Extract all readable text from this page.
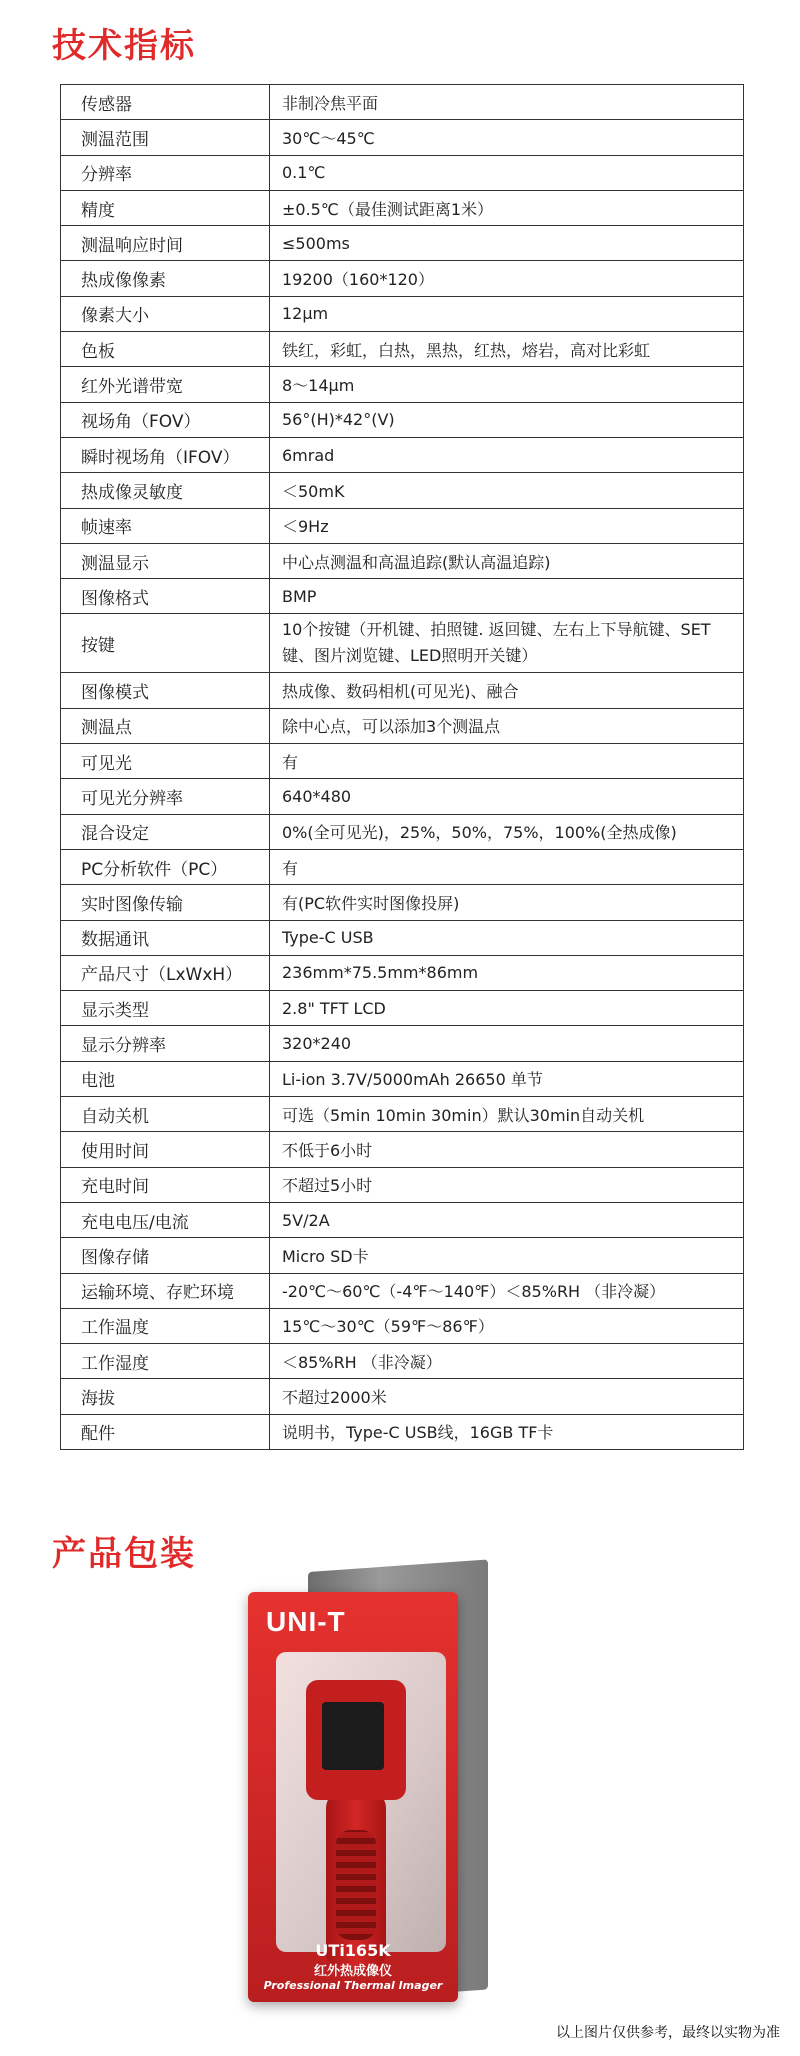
技术指标
传感器	非制冷焦平面
测温范围	30℃～45℃
分辨率	0.1℃
精度	±0.5℃（最佳测试距离1米）
测温响应时间	≤500ms
热成像像素	19200（160*120）
像素大小	12μm
色板	铁红，彩虹，白热，黑热，红热，熔岩，高对比彩虹
红外光谱带宽	8～14μm
视场角（FOV）	56°(H)*42°(V)
瞬时视场角（IFOV）	6mrad
热成像灵敏度	＜50mK
帧速率	＜9Hz
测温显示	中心点测温和高温追踪(默认高温追踪)
图像格式	BMP
按键	10个按键（开机键、拍照键. 返回键、左右上下导航键、SET键、图片浏览键、LED照明开关键）
图像模式	热成像、数码相机(可见光)、融合
测温点	除中心点，可以添加3个测温点
可见光	有
可见光分辨率	640*480
混合设定	0%(全可见光)，25%，50%，75%，100%(全热成像)
PC分析软件（PC）	有
实时图像传输	有(PC软件实时图像投屏)
数据通讯	Type-C USB
产品尺寸（LxWxH）	236mm*75.5mm*86mm
显示类型	2.8" TFT LCD
显示分辨率	320*240
电池	Li-ion 3.7V/5000mAh 26650 单节
自动关机	可选（5min 10min 30min）默认30min自动关机
使用时间	不低于6小时
充电时间	不超过5小时
充电电压/电流	5V/2A
图像存储	Micro SD卡
运输环境、存贮环境	-20℃～60℃（-4℉～140℉）＜85%RH （非冷凝）
工作温度	15℃～30℃（59℉～86℉）
工作湿度	＜85%RH （非冷凝）
海拔	不超过2000米
配件	说明书，Type-C USB线，16GB TF卡
产品包装
UNI-T
UTi165K
红外热成像仪
Professional Thermal Imager
以上图片仅供参考，最终以实物为准
